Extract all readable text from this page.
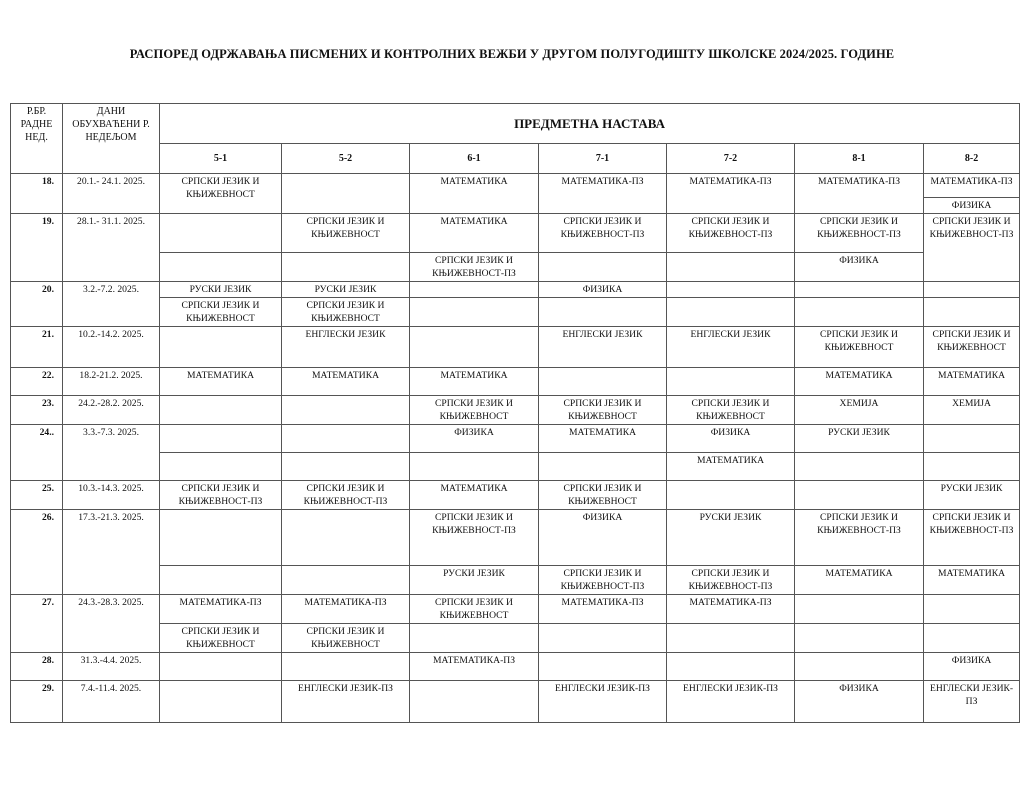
РАСПОРЕД ОДРЖАВАЊА ПИСМЕНИХ И КОНТРОЛНИХ ВЕЖБИ У ДРУГОМ ПОЛУГОДИШТУ ШКОЛСКЕ 2024/2025. ГОДИНЕ
Р.БР. РАДНЕ НЕД.	ДАНИ ОБУХВАЋЕНИ Р. НЕДЕЉОМ	ПРЕДМЕТНА НАСТАВА						
		5-1	5-2	6-1	7-1	7-2	8-1	8-2
18.	20.1.- 24.1. 2025.	СРПСКИ ЈЕЗИК И КЊИЖЕВНОСТ		МАТЕМАТИКА	МАТЕМАТИКА-ПЗ	МАТЕМАТИКА-ПЗ	МАТЕМАТИКА-ПЗ	МАТЕМАТИКА-ПЗ
								ФИЗИКА
19.	28.1.- 31.1. 2025.		СРПСКИ ЈЕЗИК И КЊИЖЕВНОСТ	МАТЕМАТИКА	СРПСКИ ЈЕЗИК И КЊИЖЕВНОСТ-ПЗ	СРПСКИ ЈЕЗИК И КЊИЖЕВНОСТ-ПЗ	СРПСКИ ЈЕЗИК И КЊИЖЕВНОСТ-ПЗ	СРПСКИ ЈЕЗИК И КЊИЖЕВНОСТ-ПЗ
				СРПСКИ ЈЕЗИК И КЊИЖЕВНОСТ-ПЗ			ФИЗИКА	
20.	3.2.-7.2. 2025.	РУСКИ ЈЕЗИК	РУСКИ ЈЕЗИК		ФИЗИКА			
		СРПСКИ ЈЕЗИК И КЊИЖЕВНОСТ	СРПСКИ ЈЕЗИК И КЊИЖЕВНОСТ					
21.	10.2.-14.2. 2025.		ЕНГЛЕСКИ ЈЕЗИК		ЕНГЛЕСКИ ЈЕЗИК	ЕНГЛЕСКИ ЈЕЗИК	СРПСКИ ЈЕЗИК И КЊИЖЕВНОСТ	СРПСКИ ЈЕЗИК И КЊИЖЕВНОСТ
22.	18.2-21.2. 2025.	МАТЕМАТИКА	МАТЕМАТИКА	МАТЕМАТИКА			МАТЕМАТИКА	МАТЕМАТИКА
23.	24.2.-28.2. 2025.			СРПСКИ ЈЕЗИК И КЊИЖЕВНОСТ	СРПСКИ ЈЕЗИК И КЊИЖЕВНОСТ	СРПСКИ ЈЕЗИК И КЊИЖЕВНОСТ	ХЕМИЈА	ХЕМИЈА
24..	3.3.-7.3. 2025.			ФИЗИКА	МАТЕМАТИКА	ФИЗИКА	РУСКИ ЈЕЗИК	
						МАТЕМАТИКА		
25.	10.3.-14.3. 2025.	СРПСКИ ЈЕЗИК И КЊИЖЕВНОСТ-ПЗ	СРПСКИ ЈЕЗИК И КЊИЖЕВНОСТ-ПЗ	МАТЕМАТИКА	СРПСКИ ЈЕЗИК И КЊИЖЕВНОСТ			РУСКИ ЈЕЗИК
26.	17.3.-21.3. 2025.			СРПСКИ ЈЕЗИК И КЊИЖЕВНОСТ-ПЗ	ФИЗИКА	РУСКИ ЈЕЗИК	СРПСКИ ЈЕЗИК И КЊИЖЕВНОСТ-ПЗ	СРПСКИ ЈЕЗИК И КЊИЖЕВНОСТ-ПЗ
				РУСКИ ЈЕЗИК	СРПСКИ ЈЕЗИК И КЊИЖЕВНОСТ-ПЗ	СРПСКИ ЈЕЗИК И КЊИЖЕВНОСТ-ПЗ	МАТЕМАТИКА	МАТЕМАТИКА
27.	24.3.-28.3. 2025.	МАТЕМАТИКА-ПЗ	МАТЕМАТИКА-ПЗ	СРПСКИ ЈЕЗИК И КЊИЖЕВНОСТ	МАТЕМАТИКА-ПЗ	МАТЕМАТИКА-ПЗ		
		СРПСКИ ЈЕЗИК И КЊИЖЕВНОСТ	СРПСКИ ЈЕЗИК И КЊИЖЕВНОСТ					
28.	31.3.-4.4. 2025.			МАТЕМАТИКА-ПЗ				ФИЗИКА
29.	7.4.-11.4. 2025.		ЕНГЛЕСКИ ЈЕЗИК-ПЗ		ЕНГЛЕСКИ ЈЕЗИК-ПЗ	ЕНГЛЕСКИ ЈЕЗИК-ПЗ	ФИЗИКА	ЕНГЛЕСКИ ЈЕЗИК-ПЗ
